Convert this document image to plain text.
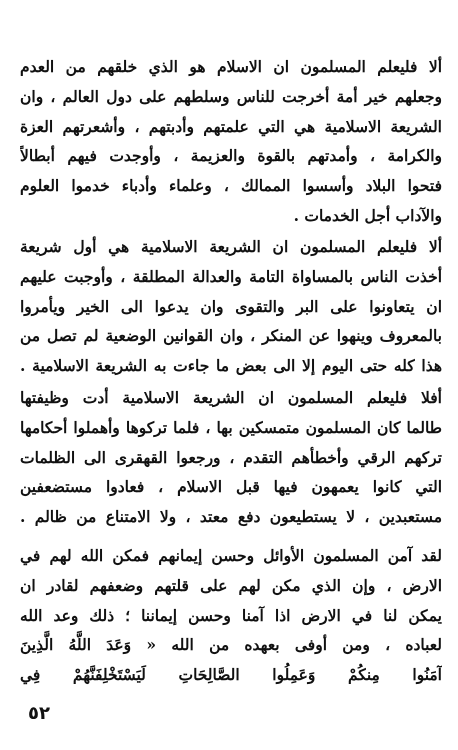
ألا فليعلم المسلمون ان الاسلام هو الذي خلقهم من العدم
وجعلهم خير أمة أخرجت للناس وسلطهم على دول العالم ، وان
الشريعة الاسلامية هي التي علمتهم وأدبتهم ، وأشعرتهم العزة
والكرامة ، وأمدتهم بالقوة والعزيمة ، وأوجدت فيهم أبطالاً
فتحوا البلاد وأسسوا الممالك ، وعلماء وأدباء خدموا العلوم
والآداب أجل الخدمات .
ألا فليعلم المسلمون ان الشريعة الاسلامية هي أول شريعة
أخذت الناس بالمساواة التامة والعدالة المطلقة ، وأوجبت عليهم
ان يتعاونوا على البر والتقوى وان يدعوا الى الخير ويأمروا
بالمعروف وينهوا عن المنكر ، وان القوانين الوضعية لم تصل من
هذا كله حتى اليوم إلا الى بعض ما جاءت به الشريعة الاسلامية .
أفلا فليعلم المسلمون ان الشريعة الاسلامية أدت وظيفتها
طالما كان المسلمون متمسكين بها ، فلما تركوها وأهملوا أحكامها
تركهم الرقي وأخطأهم التقدم ، ورجعوا القهقرى الى الظلمات
التي كانوا يعمهون فيها قبل الاسلام ، فعادوا مستضعفين
مستعبدين ، لا يستطيعون دفع معتد ، ولا الامتناع من ظالم .
لقد آمن المسلمون الأوائل وحسن إيمانهم فمكن الله لهم في
الارض ، وإن الذي مكن لهم على قلتهم وضعفهم لقادر ان
يمكن لنا في الارض اذا آمنا وحسن إيماننا ؛ ذلك وعد الله
لعباده ، ومن أوفى بعهده من الله « وَعَدَ اللَّهُ الَّذِينَ
آمَنُوا مِنكُمْ وَعَمِلُوا الصَّالِحَاتِ لَيَسْتَخْلِفَنَّهُمْ فِي
٥٢
